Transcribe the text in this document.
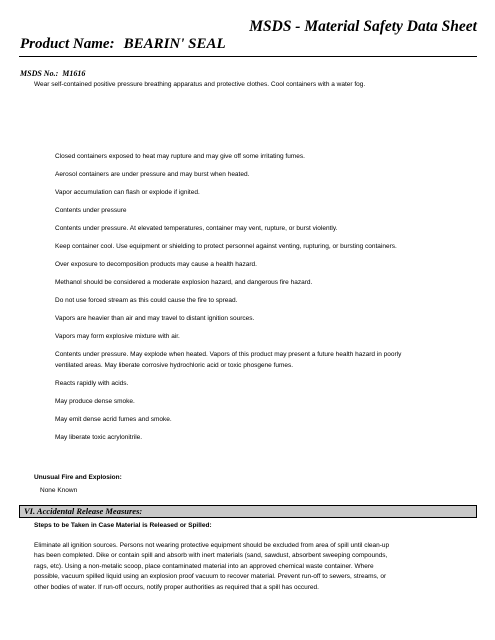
MSDS - Material Safety Data Sheet
Product Name: BEARIN' SEAL
MSDS No.: M1616
Wear self-contained positive pressure breathing apparatus and protective clothes. Cool containers with a water fog.
Closed containers exposed to heat may rupture and may give off some irritating fumes.
Aerosol containers are under pressure and may burst when heated.
Vapor accumulation can flash or explode if ignited.
Contents under pressure
Contents under pressure. At elevated temperatures, container may vent, rupture, or burst violently.
Keep container cool. Use equipment or shielding to protect personnel against venting, rupturing, or bursting containers.
Over exposure to decomposition products may cause a health hazard.
Methanol should be considered a moderate explosion hazard, and dangerous fire hazard.
Do not use forced stream as this could cause the fire to spread.
Vapors are heavier than air and may travel to distant ignition sources.
Vapors may form explosive mixture with air.
Contents under pressure. May explode when heated. Vapors of this product may present a future health hazard in poorly
ventilated areas. May liberate corrosive hydrochloric acid or toxic phosgene fumes.
Reacts rapidly with acids.
May produce dense smoke.
May emit dense acrid fumes and smoke.
May liberate toxic acrylonitrile.
Unusual Fire and Explosion:
None Known
VI. Accidental Release Measures:
Steps to be Taken in Case Material is Released or Spilled:
Eliminate all ignition sources. Persons not wearing protective equipment should be excluded from area of spill until clean-up
has been completed. Dike or contain spill and absorb with inert materials (sand, sawdust, absorbent sweeping compounds,
rags, etc). Using a non-metalic scoop, place contaminated material into an approved chemical waste container. Where
possible, vacuum spilled liquid using an explosion proof vacuum to recover material. Prevent run-off to sewers, streams, or
other bodies of water. If run-off occurs, notify proper authorities as required that a spill has occured.
